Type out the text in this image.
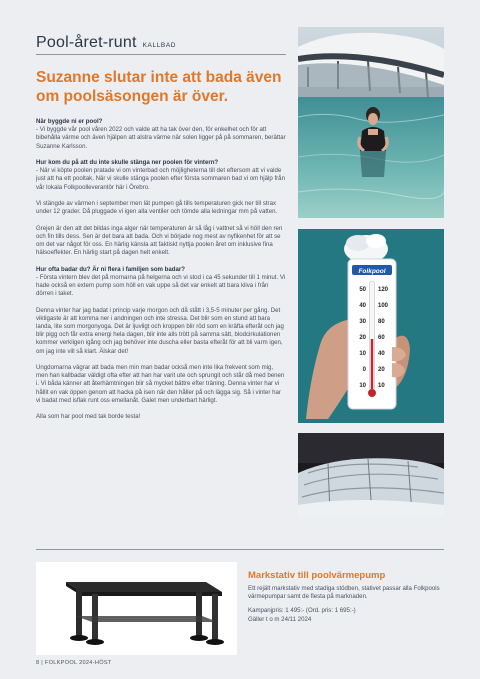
Pool-året-runt KALLBAD
Suzanne slutar inte att bada även om poolsäsongen är över.

När byggde ni er pool?
- Vi byggde vår pool våren 2022 och valde att ha tak över den, för enkelhet och för att bibehålla värme och även hjälpen att alstra värme när solen ligger på på sommaren, berättar Suzanne Karlsson.

Hur kom du på att du inte skulle stänga ner poolen för vintern?
- När vi köpte poolen pratade vi om vinterbad och möjligheterna till det eftersom att vi valde just att ha ett pooltak. När vi skulle stänga poolen efter första sommaren bad vi om hjälp från vår lokala Folkpoolleverantör här i Örebro.

Vi stängde av värmen i september men lät pumpen gå tills temperaturen gick ner till strax under 12 grader. Då pluggade vi igen alla ventiler och tömde alla ledningar mm på vatten.

Grejen är den att det bildas inga alger när temperaturen är så låg i vattnet så vi höll den ren och fin tills dess. Sen är det bara att bada. Och vi började nog mest av nyfikenhet för att se om det var något för oss. En härlig känsla att faktiskt nyttja poolen året om inklusive fina hälsoeffekter. En härlig start på dagen helt enkelt.

Hur ofta badar du? Är ni flera i familjen som badar?
- Första vintern blev det på mornarna på helgerna och vi stod i ca 45 sekunder till 1 minut. Vi hade också en extern pump som höll en vak uppe så det var enkelt att bara kliva i från dörren i taket.

Denna vinter har jag badat i princip varje morgon och då stått i 3,5-5 minuter per gång. Det viktigaste är att komma ner i andningen och inte stressa. Det blir som en stund att bara landa, lite som morgonyoga. Det är ljuvligt och kroppen blir röd som en kräfta efteråt och jag blir pigg och får extra energi hela dagen, blir inte alls trött på samma sätt, blodcirkulationen kommer verkligen igång och jag behöver inte duscha eller basta efteråt för att bli varm igen, om jag inte vill så klart. Älskar det!

Ungdomarna vägrar att bada men min man badar också men inte lika frekvent som mig, men han kallbadar väldigt ofta efter att han har varit ute och sprungit och står då med benen i. Vi båda känner att återhämtningen blir så mycket bättre efter träning. Denna vinter har vi hållit en vak öppen genom att hacka på isen när den håller på och lägga sig. Så i vinter har vi badat med isflak runt oss emellanåt. Galet men underbart härligt.

Alla som har pool med tak borde testa!

Folkpool
50
40
30
20
10
0
10
120
100
80
60
40
20
10
Markstativ till poolvärmepump
Ett rejält markstativ med stadiga stödben, stativet passar alla Folkpools värmepumpar samt de flesta på marknaden.
Kampanjpris: 1 495:- (Ord. pris: 1 695:-)
Gäller t o m 24/11 2024
8 | FOLKPOOL 2024-HÖST
